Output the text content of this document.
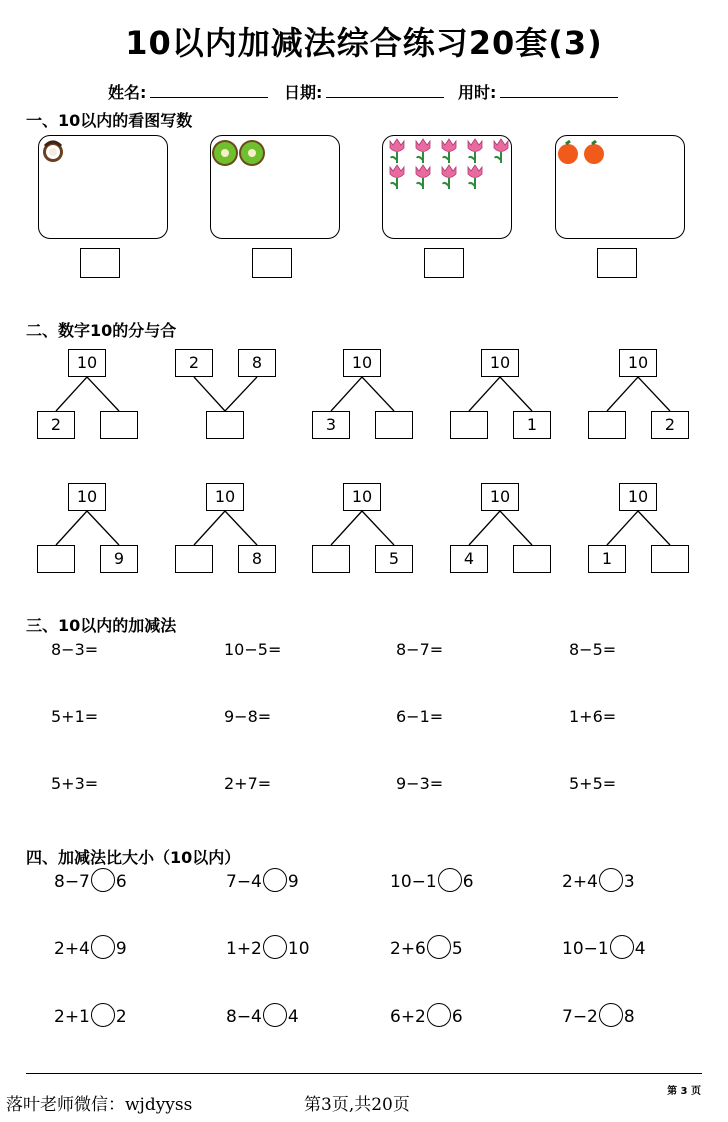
10以内加减法综合练习20套(3)
姓名:	日期:	用时:
一、10以内的看图写数
二、数字10的分与合
10
2
2	8	10
3
10
1
10
2
10
9
10
8
10
5
10
4
10
1
三、10以内的加减法
8−3=	10−5=	8−7=	8−5=
5+1=	9−8=	6−1=	1+6=
5+3=	2+7=	9−3=	5+5=
四、加减法比大小（10以内）
8−7 6	7−4 9	10−1 6	2+4 3
2+4 9	1+2 10	2+6 5	10−1 4
2+1 2	8−4 4	6+2 6	7−2 8
落叶老师微信：wjdyyss	第3页,共20页
第 3 页
